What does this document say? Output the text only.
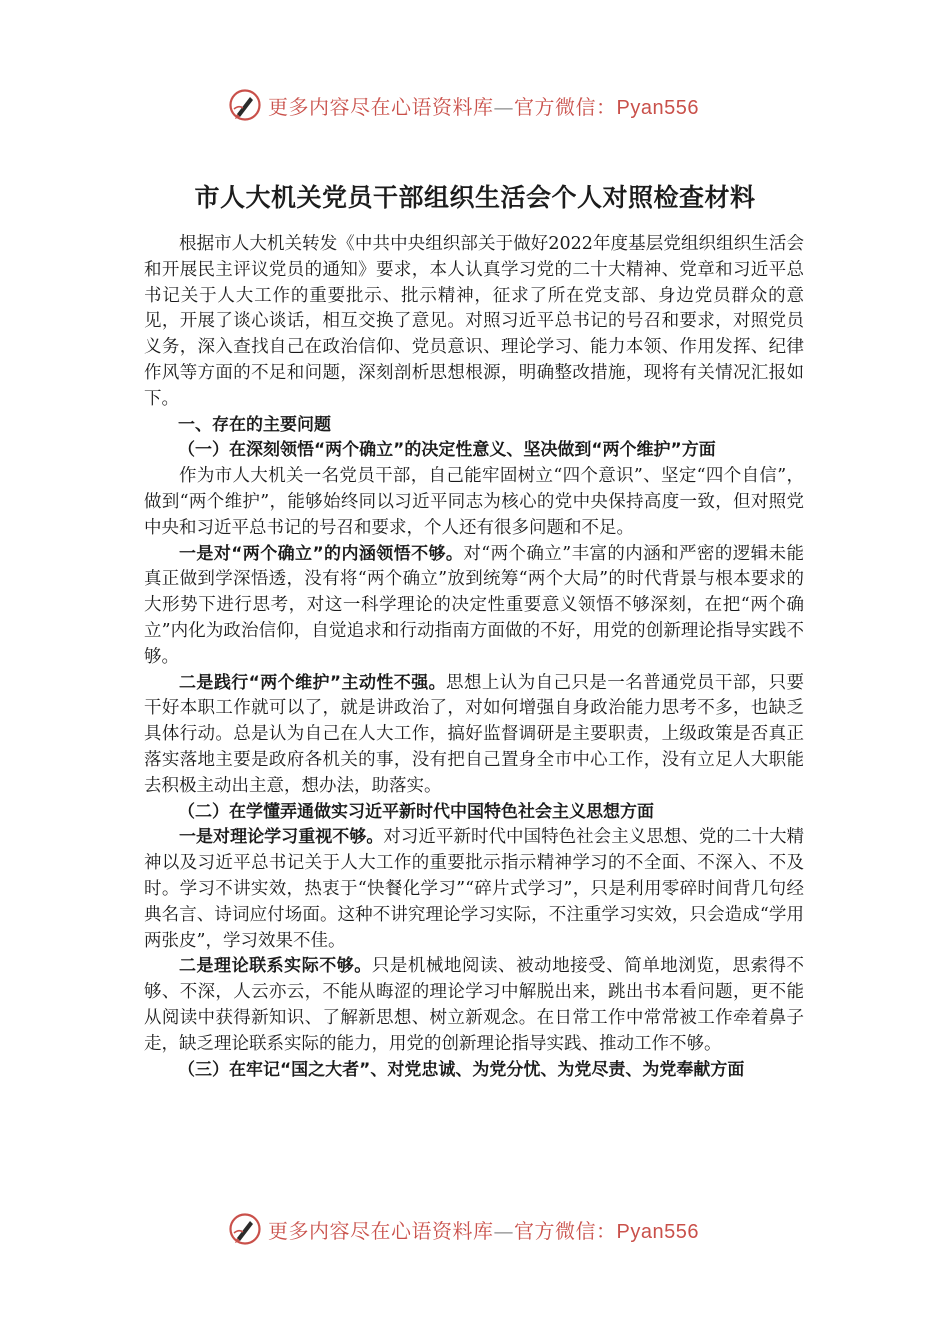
更多内容尽在心语资料库—官方微信：Pyan556
市人大机关党员干部组织生活会个人对照检查材料

根据市人大机关转发《中共中央组织部关于做好2022年度基层党组织组织生活会和开展民主评议党员的通知》要求，本人认真学习党的二十大精神、党章和习近平总书记关于人大工作的重要批示、批示精神，征求了所在党支部、身边党员群众的意见，开展了谈心谈话，相互交换了意见。对照习近平总书记的号召和要求，对照党员义务，深入查找自己在政治信仰、党员意识、理论学习、能力本领、作用发挥、纪律作风等方面的不足和问题，深刻剖析思想根源，明确整改措施，现将有关情况汇报如下。

一、存在的主要问题

（一）在深刻领悟“两个确立”的决定性意义、坚决做到“两个维护”方面

作为市人大机关一名党员干部，自己能牢固树立“四个意识”、坚定“四个自信”，做到“两个维护”，能够始终同以习近平同志为核心的党中央保持高度一致，但对照党中央和习近平总书记的号召和要求，个人还有很多问题和不足。

一是对“两个确立”的内涵领悟不够。对“两个确立”丰富的内涵和严密的逻辑未能真正做到学深悟透，没有将“两个确立”放到统筹“两个大局”的时代背景与根本要求的大形势下进行思考，对这一科学理论的决定性重要意义领悟不够深刻，在把“两个确立”内化为政治信仰，自觉追求和行动指南方面做的不好，用党的创新理论指导实践不够。

二是践行“两个维护”主动性不强。思想上认为自己只是一名普通党员干部，只要干好本职工作就可以了，就是讲政治了，对如何增强自身政治能力思考不多，也缺乏具体行动。总是认为自己在人大工作，搞好监督调研是主要职责，上级政策是否真正落实落地主要是政府各机关的事，没有把自己置身全市中心工作，没有立足人大职能去积极主动出主意，想办法，助落实。

（二）在学懂弄通做实习近平新时代中国特色社会主义思想方面

一是对理论学习重视不够。对习近平新时代中国特色社会主义思想、党的二十大精神以及习近平总书记关于人大工作的重要批示指示精神学习的不全面、不深入、不及时。学习不讲实效，热衷于“快餐化学习”“碎片式学习”，只是利用零碎时间背几句经典名言、诗词应付场面。这种不讲究理论学习实际，不注重学习实效，只会造成“学用两张皮”，学习效果不佳。

二是理论联系实际不够。只是机械地阅读、被动地接受、简单地浏览，思索得不够、不深，人云亦云，不能从晦涩的理论学习中解脱出来，跳出书本看问题，更不能从阅读中获得新知识、了解新思想、树立新观念。在日常工作中常常被工作牵着鼻子走，缺乏理论联系实际的能力，用党的创新理论指导实践、推动工作不够。

（三）在牢记“国之大者”、对党忠诚、为党分忧、为党尽责、为党奉献方面

更多内容尽在心语资料库—官方微信：Pyan556
